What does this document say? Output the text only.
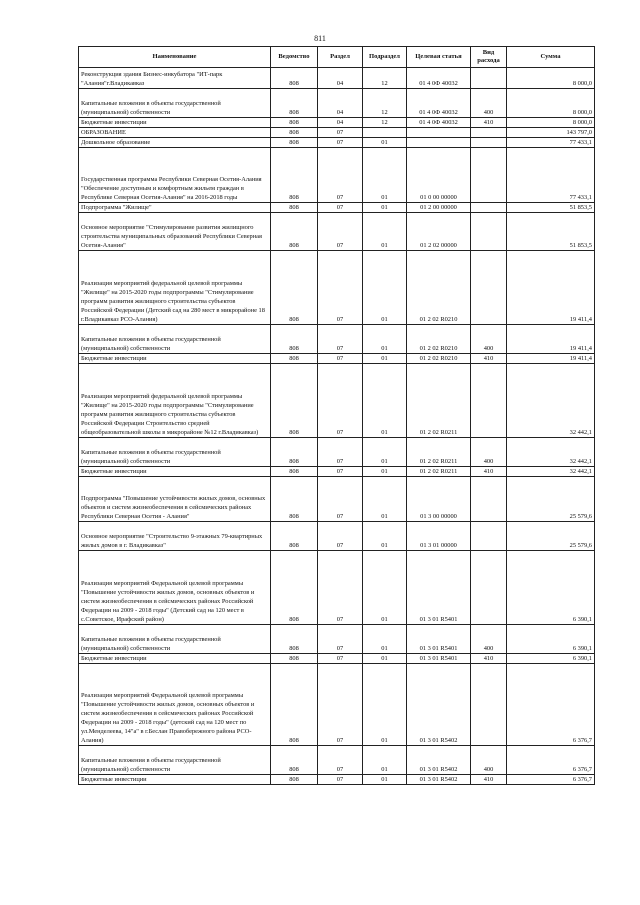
811
Наименование	Ведомство	Раздел	Подраздел	Целевая статья	Вид расхода	Сумма
Реконструкция здания Бизнес-инкубатора "ИТ-парк "Алания"г.Владикавказ	808	04	12	01 4 0Ф 40032		8 000,0
Капитальные вложения в объекты государственной (муниципальной) собственности	808	04	12	01 4 0Ф 40032	400	8 000,0
Бюджетные инвестиции	808	04	12	01 4 0Ф 40032	410	8 000,0
ОБРАЗОВАНИЕ	808	07				143 797,0
Дошкольное образование	808	07	01			77 433,1
Государственная программа Республики Северная Осетия-Алания "Обеспечение доступным и комфортным жильем граждан в Республике Северная Осетия-Алания" на 2016-2018 годы	808	07	01	01 0 00 00000		77 433,1
Подпрограмма "Жилище"	808	07	01	01 2 00 00000		51 853,5
Основное мероприятие "Стимулирование развития жилищного строительства муниципальных образований Республики Северная Осетия-Алания"	808	07	01	01 2 02 00000		51 853,5
Реализация мероприятий федеральной целевой программы "Жилище" на 2015-2020 годы подпрограммы "Стимулирование программ развития жилищного строительства субъектов Российской Федерации (Детский сад на 280 мест в микрорайоне 18 г.Владикавказ РСО-Алания)	808	07	01	01 2 02 R0210		19 411,4
Капитальные вложения в объекты государственной (муниципальной) собственности	808	07	01	01 2 02 R0210	400	19 411,4
Бюджетные инвестиции	808	07	01	01 2 02 R0210	410	19 411,4
Реализация мероприятий федеральной целевой программы "Жилище" на 2015-2020 годы подпрограммы "Стимулирование программ развития жилищного строительства субъектов Российской Федерации Строительство средней общеобразовательной школы в микрорайоне №12 г.Владикавказ)	808	07	01	01 2 02 R0211		32 442,1
Капитальные вложения в объекты государственной (муниципальной) собственности	808	07	01	01 2 02 R0211	400	32 442,1
Бюджетные инвестиции	808	07	01	01 2 02 R0211	410	32 442,1
Подпрограмма "Повышение устойчивости жилых домов, основных объектов и систем жизнеобеспечения в сейсмических районах Республики Северная Осетия - Алания"	808	07	01	01 3 00 00000		25 579,6
Основное мероприятие "Строительство 9-этажных 79-квартирных жилых домов в г. Владикавказ"	808	07	01	01 3 01 00000		25 579,6
Реализация мероприятий Федеральной целевой программы "Повышение устойчивости жилых домов, основных объектов и систем жизнеобеспечения в сейсмических районах Российской Федерации на 2009 - 2018 годы" (Детский сад на 120 мест в с.Советское, Ирафский район)	808	07	01	01 3 01 R5401		6 390,1
Капитальные вложения в объекты государственной (муниципальной) собственности	808	07	01	01 3 01 R5401	400	6 390,1
Бюджетные инвестиции	808	07	01	01 3 01 R5401	410	6 390,1
Реализация мероприятий Федеральной целевой программы "Повышение устойчивости жилых домов, основных объектов и систем жизнеобеспечения в сейсмических районах Российской Федерации на 2009 - 2018 годы" (детский сад на 120 мест по ул.Менделеева, 14"а" в г.Беслан Правобережного района РСО-Алания)	808	07	01	01 3 01 R5402		6 376,7
Капитальные вложения в объекты государственной (муниципальной) собственности	808	07	01	01 3 01 R5402	400	6 376,7
Бюджетные инвестиции	808	07	01	01 3 01 R5402	410	6 376,7
